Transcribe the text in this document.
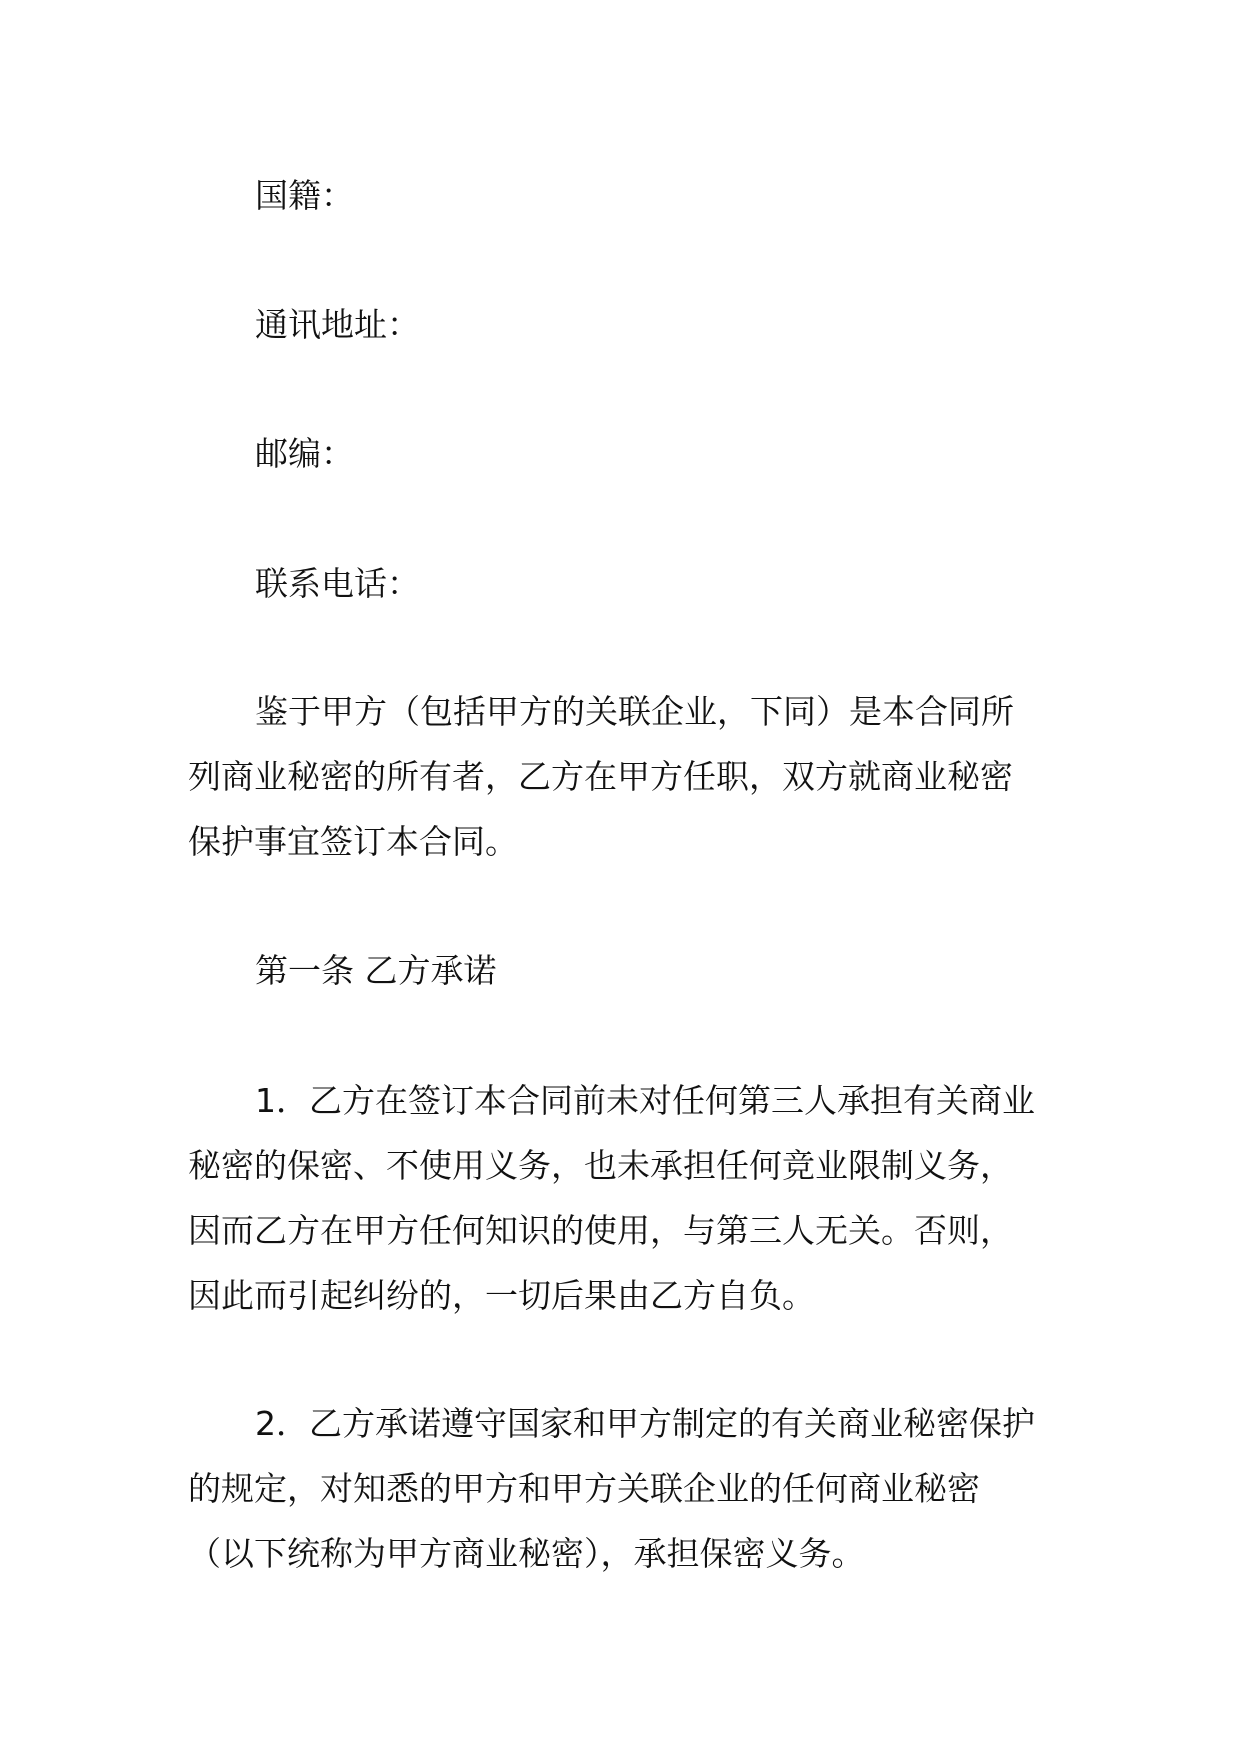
国籍：
通讯地址：
邮编：
联系电话：
鉴于甲方（包括甲方的关联企业，下同）是本合同所
列商业秘密的所有者，乙方在甲方任职，双方就商业秘密
保护事宜签订本合同。
第一条 乙方承诺
1．乙方在签订本合同前未对任何第三人承担有关商业
秘密的保密、不使用义务，也未承担任何竞业限制义务，
因而乙方在甲方任何知识的使用，与第三人无关。否则，
因此而引起纠纷的，一切后果由乙方自负。
2．乙方承诺遵守国家和甲方制定的有关商业秘密保护
的规定，对知悉的甲方和甲方关联企业的任何商业秘密
（以下统称为甲方商业秘密），承担保密义务。
